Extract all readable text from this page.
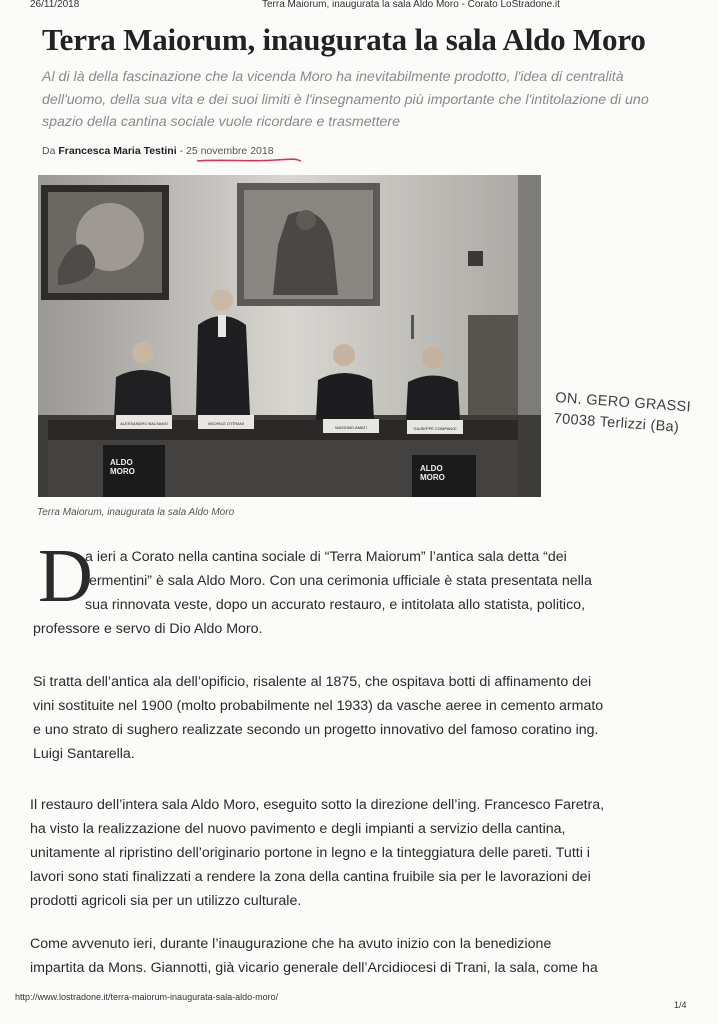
26/11/2018	Terra Maiorum, inaugurata la sala Aldo Moro - Corato LoStradone.it
Terra Maiorum, inaugurata la sala Aldo Moro
Al di là della fascinazione che la vicenda Moro ha inevitabilmente prodotto, l'idea di centralità dell'uomo, della sua vita e dei suoi limiti è l'insegnamento più importante che l'intitolazione di uno spazio della cantina sociale vuole ricordare e trasmettere
Da Francesca Maria Testini - 25 novembre 2018
ALESSANDRO BALSAMO	MICHELE D'ITRANI
MASSIMO AMATI	GIUSEPPE COMPANGI
ALDO
MORO	ALDO
MORO
ON. GERO GRASSI
70038 Terlizzi (Ba)
Terra Maiorum, inaugurata la sala Aldo Moro
D
a ieri a Corato nella cantina sociale di “Terra Maiorum” l’antica sala detta “dei
fermentini” è sala Aldo Moro. Con una cerimonia ufficiale è stata presentata nella
sua rinnovata veste, dopo un accurato restauro, e intitolata allo statista, politico,
professore e servo di Dio Aldo Moro.
Si tratta dell’antica ala dell’opificio, risalente al 1875, che ospitava botti di affinamento dei
vini sostituite nel 1900 (molto probabilmente nel 1933) da vasche aeree in cemento armato
e uno strato di sughero realizzate secondo un progetto innovativo del famoso coratino ing.
Luigi Santarella.
Il restauro dell’intera sala Aldo Moro, eseguito sotto la direzione dell’ing. Francesco Faretra,
ha visto la realizzazione del nuovo pavimento e degli impianti a servizio della cantina,
unitamente al ripristino dell’originario portone in legno e la tinteggiatura delle pareti. Tutti i
lavori sono stati finalizzati a rendere la zona della cantina fruibile sia per le lavorazioni dei
prodotti agricoli sia per un utilizzo culturale.
Come avvenuto ieri, durante l’inaugurazione che ha avuto inizio con la benedizione
impartita da Mons. Giannotti, già vicario generale dell’Arcidiocesi di Trani, la sala, come ha
http://www.lostradone.it/terra-maiorum-inaugurata-sala-aldo-moro/
1/4
